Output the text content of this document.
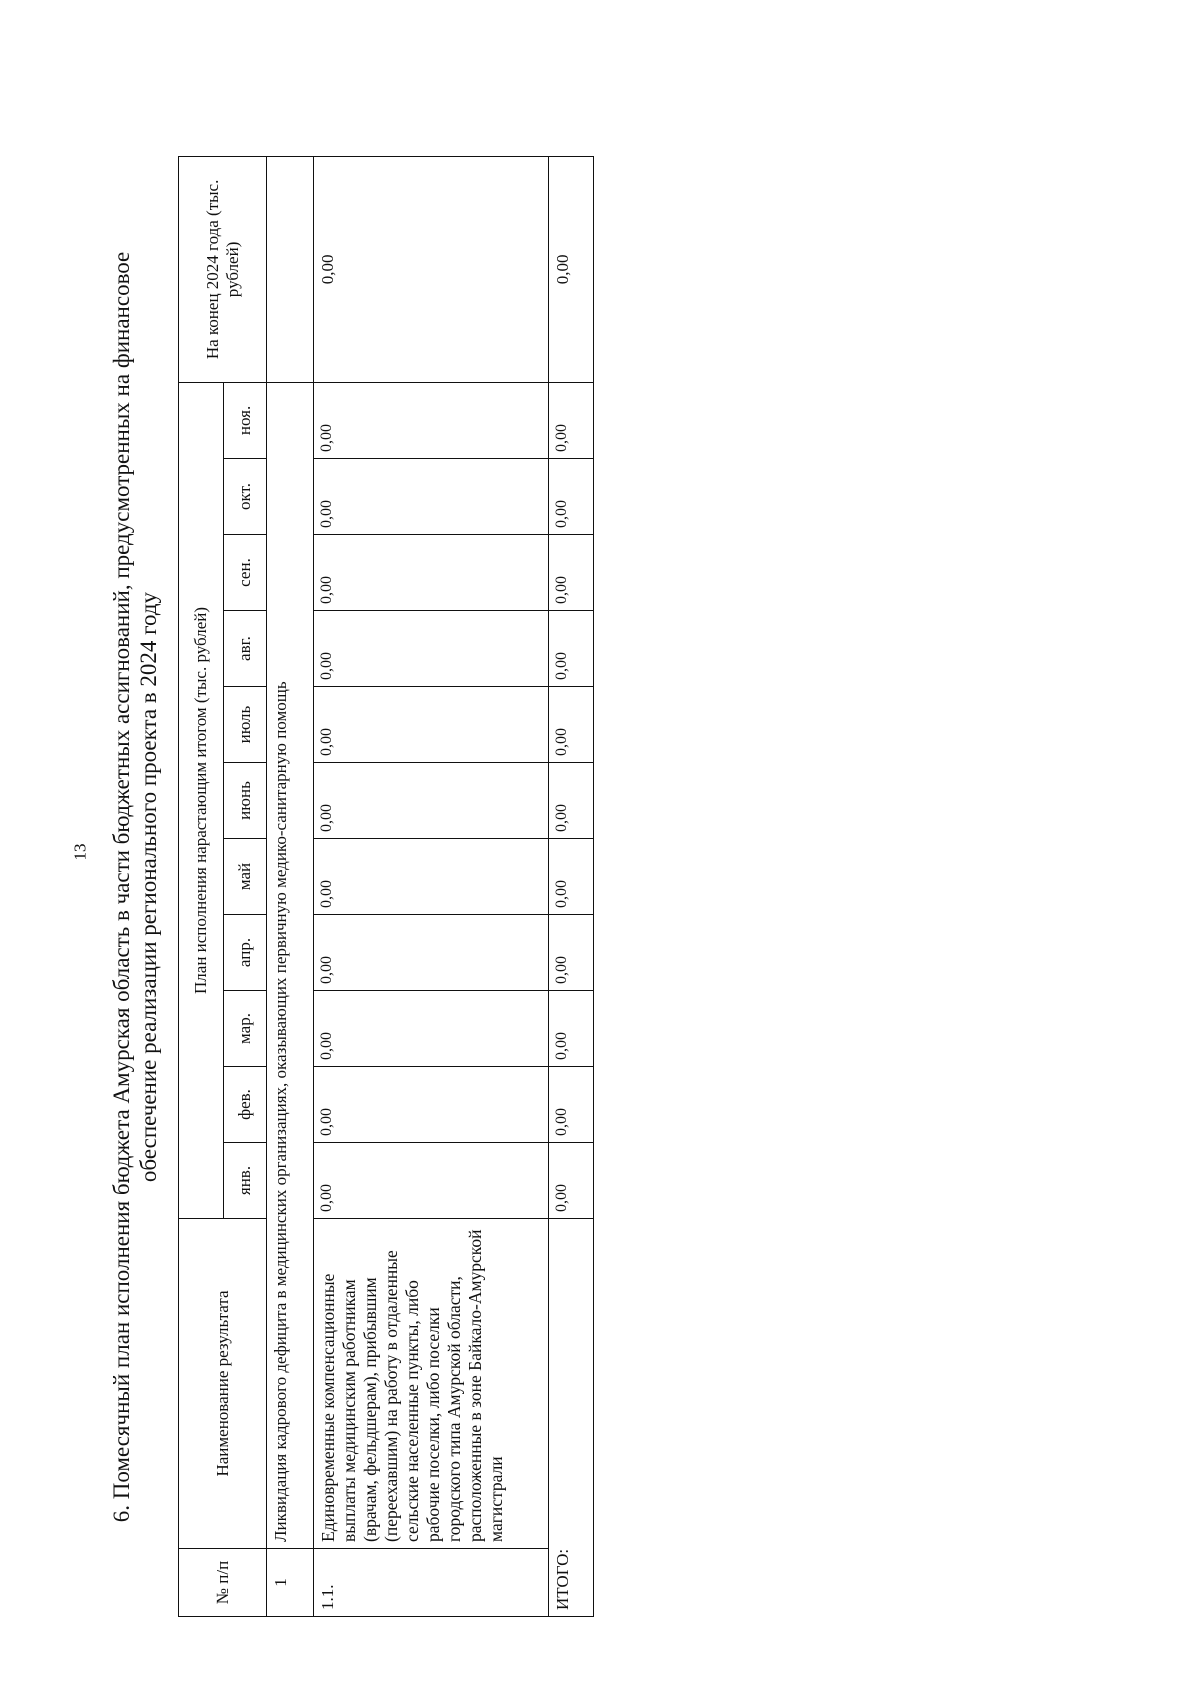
13 6. Помесячный план исполнения бюджета Амурская область в части бюджетных ассигнований, предусмотренных на финансовое обеспечение реализации регионального проекта в 2024 году
№ п/п	Наименование результата	План исполнения нарастающим итогом (тыс. рублей)											На конец 2024 года (тыс. рублей)
		янв.	фев.	мар.	апр.	май	июнь	июль	авг.	сен.	окт.	ноя.	
1	Ликвидация кадрового дефицита в медицинских организациях, оказывающих первичную медико-санитарную помощь												
1.1.	Единовременные компенсационные выплаты медицинским работникам (врачам, фельдшерам), прибывшим (переехавшим) на работу в отдаленные сельские населенные пункты, либо рабочие поселки, либо поселки городского типа Амурской области, расположенные в зоне Байкало-Амурской магистрали	0,00	0,00	0,00	0,00	0,00	0,00	0,00	0,00	0,00	0,00	0,00	0,00
ИТОГО:		0,00	0,00	0,00	0,00	0,00	0,00	0,00	0,00	0,00	0,00	0,00	0,00
